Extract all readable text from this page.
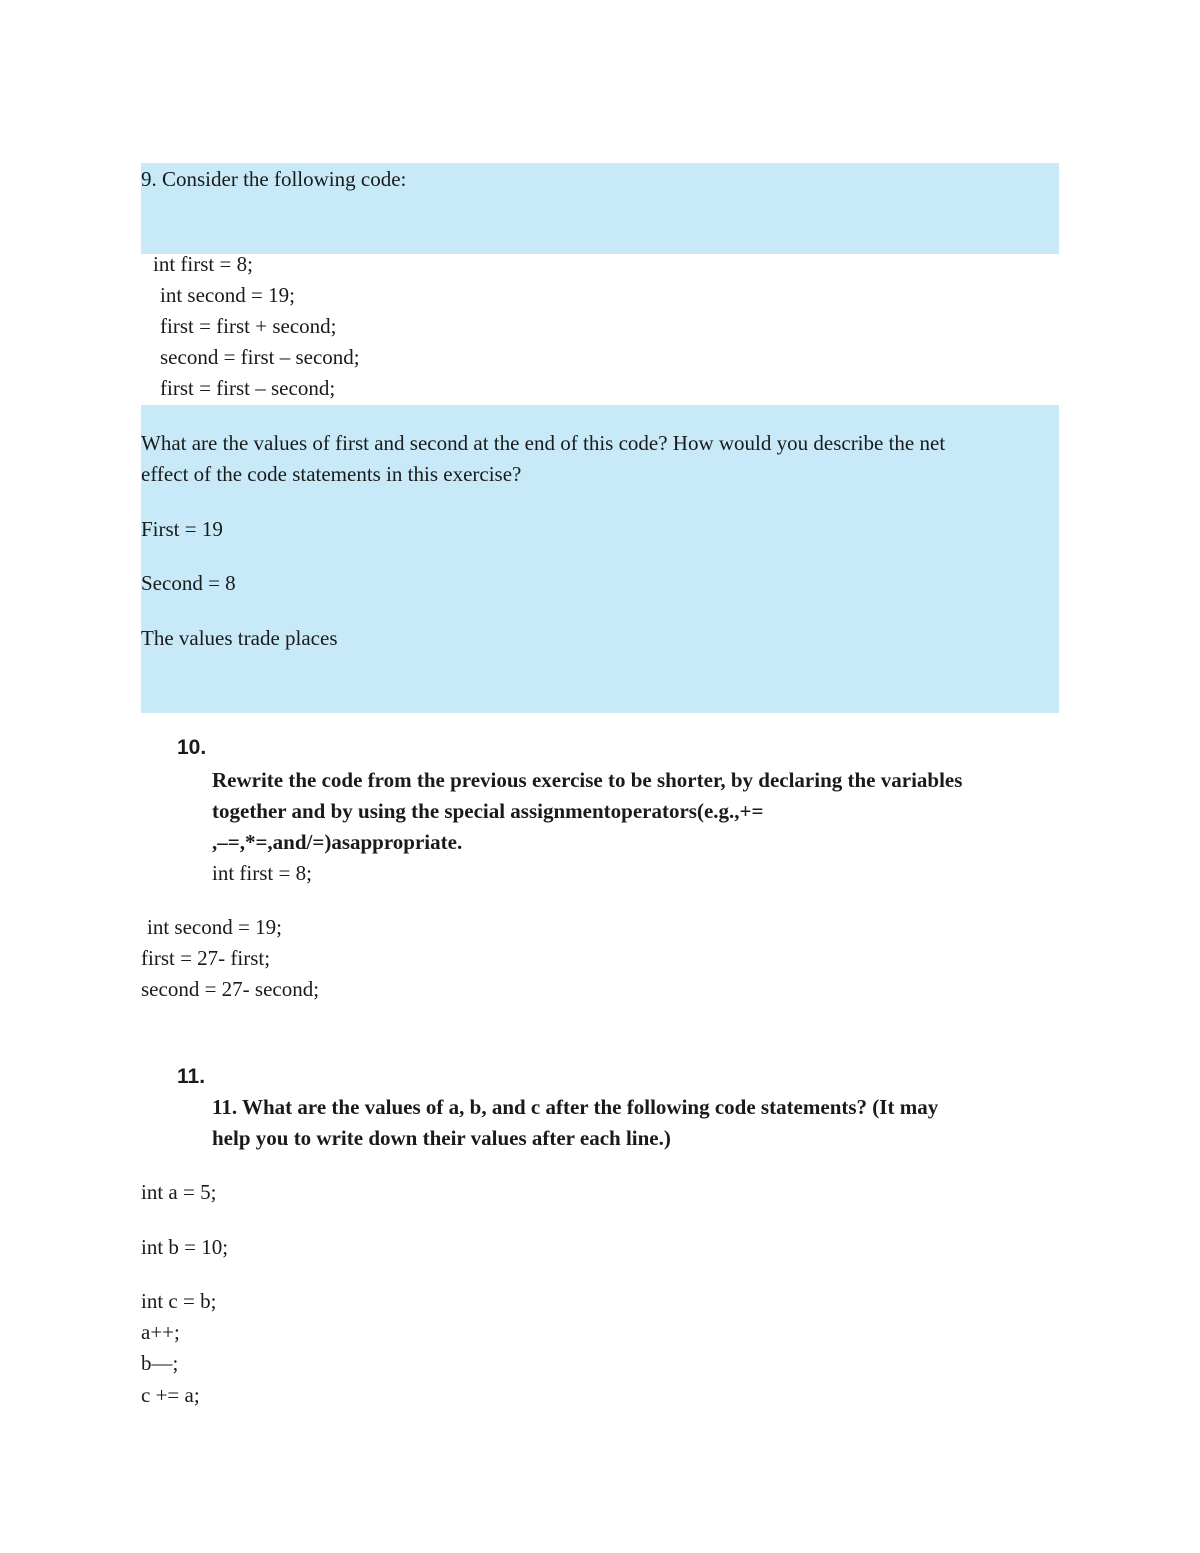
9. Consider the following code:
int first = 8;
int second = 19;
first = first + second;
second = first – second;
first = first – second;
What are the values of first and second at the end of this code? How would you describe the net
effect of the code statements in this exercise?
First = 19
Second = 8
The values trade places
10.
Rewrite the code from the previous exercise to be shorter, by declaring the variables
together and by using the special assignmentoperators(e.g.,+=
,–=,*=,and/=)asappropriate.
int first = 8;
int second = 19;
first = 27- first;
second = 27- second;
11.
11. What are the values of a, b, and c after the following code statements? (It may
help you to write down their values after each line.)
int a = 5;
int b = 10;
int c = b;
a++;
b—;
c += a;
